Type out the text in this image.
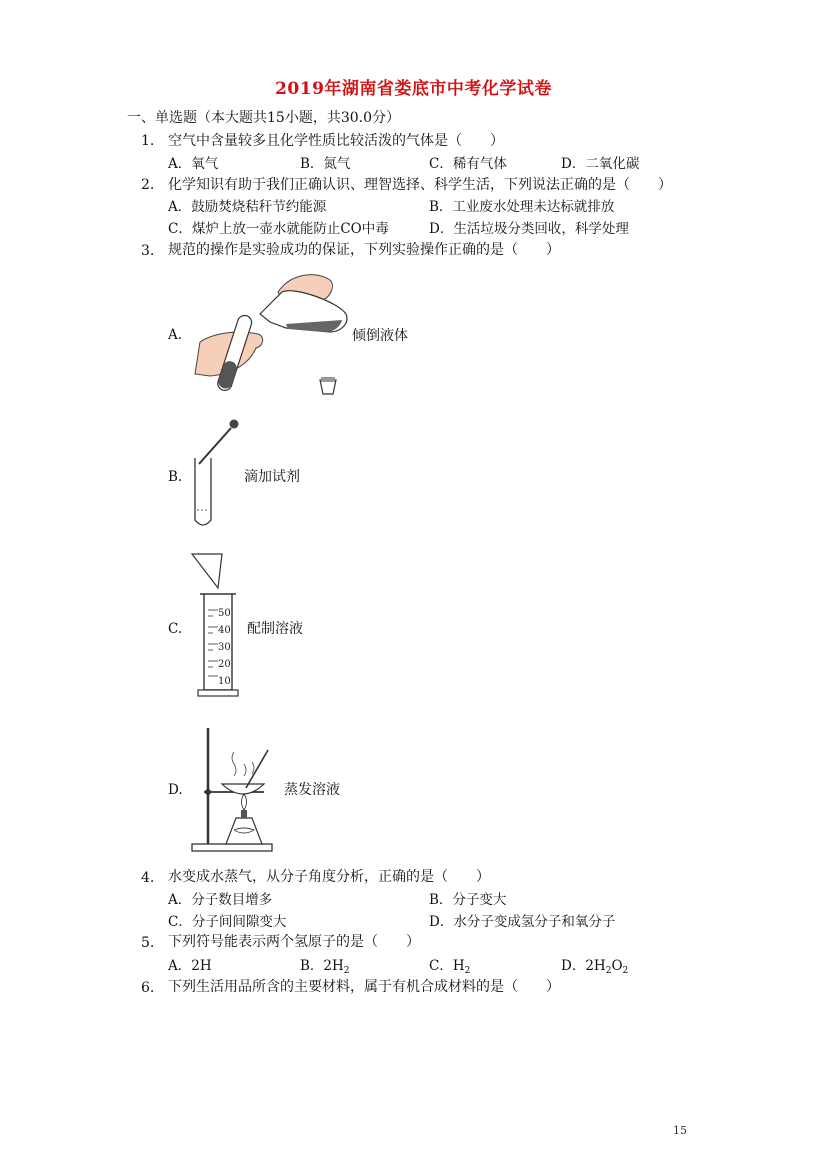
2019年湖南省娄底市中考化学试卷
一、单选题（本大题共15小题，共30.0分）
1. 空气中含量较多且化学性质比较活泼的气体是（　　）
A．氧气	B．氮气	C．稀有气体	D．二氧化碳
2. 化学知识有助于我们正确认识、理智选择、科学生活，下列说法正确的是（　　）
A．鼓励焚烧秸秆节约能源	B．工业废水处理未达标就排放
C．煤炉上放一壶水就能防止CO中毒	D．生活垃圾分类回收，科学处理
3. 规范的操作是实验成功的保证，下列实验操作正确的是（　　）
A.	倾倒液体
B.	滴加试剂
C.
50
40
30
20
10
配制溶液
D.	蒸发溶液
4. 水变成水蒸气，从分子角度分析，正确的是（　　）
A．分子数目增多	B．分子变大
C．分子间间隙变大	D．水分子变成氢分子和氧分子
5. 下列符号能表示两个氢原子的是（　　）
A．2H	B．$2H_2$	C．$H_2$	D．$2H_2O_2$
6. 下列生活用品所含的主要材料，属于有机合成材料的是（　　）
15
